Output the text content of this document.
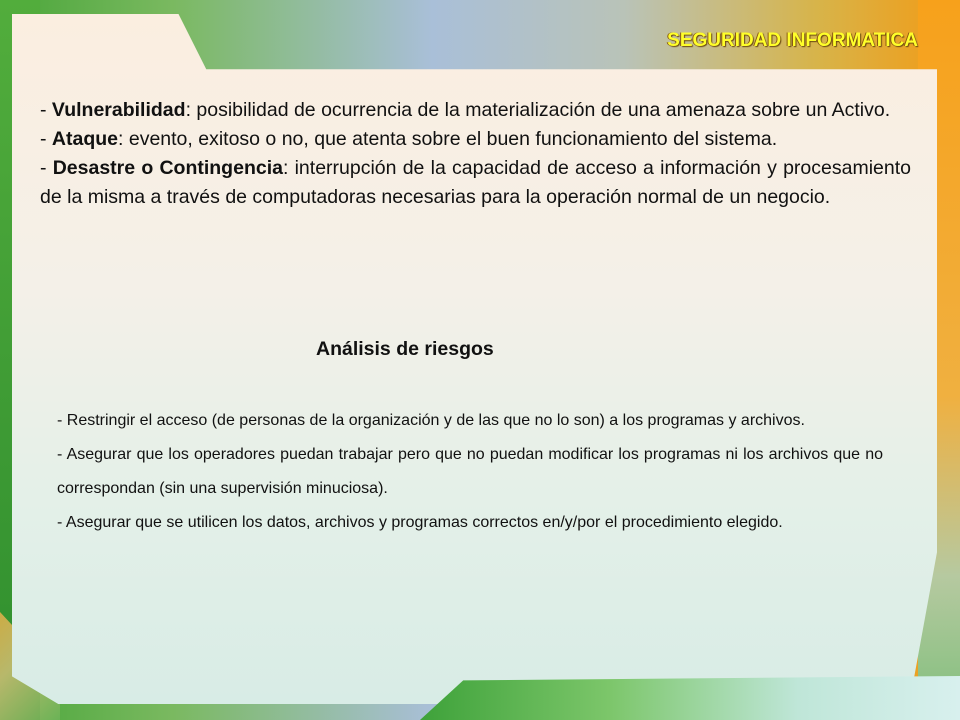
SEGURIDAD INFORMATICA

- Vulnerabilidad: posibilidad de ocurrencia de la materialización de una amenaza sobre un Activo.

- Ataque: evento, exitoso o no, que atenta sobre el buen funcionamiento del sistema.

- Desastre o Contingencia: interrupción de la capacidad de acceso a información y procesamiento de la misma a través de computadoras necesarias para la operación normal de un negocio.

Análisis de riesgos

- Restringir el acceso (de personas de la organización y de las que no lo son) a los programas y archivos.

- Asegurar que los operadores puedan trabajar pero que no puedan modificar los programas ni los archivos que no correspondan (sin una supervisión minuciosa).

- Asegurar que se utilicen los datos, archivos y programas correctos en/y/por el procedimiento elegido.
